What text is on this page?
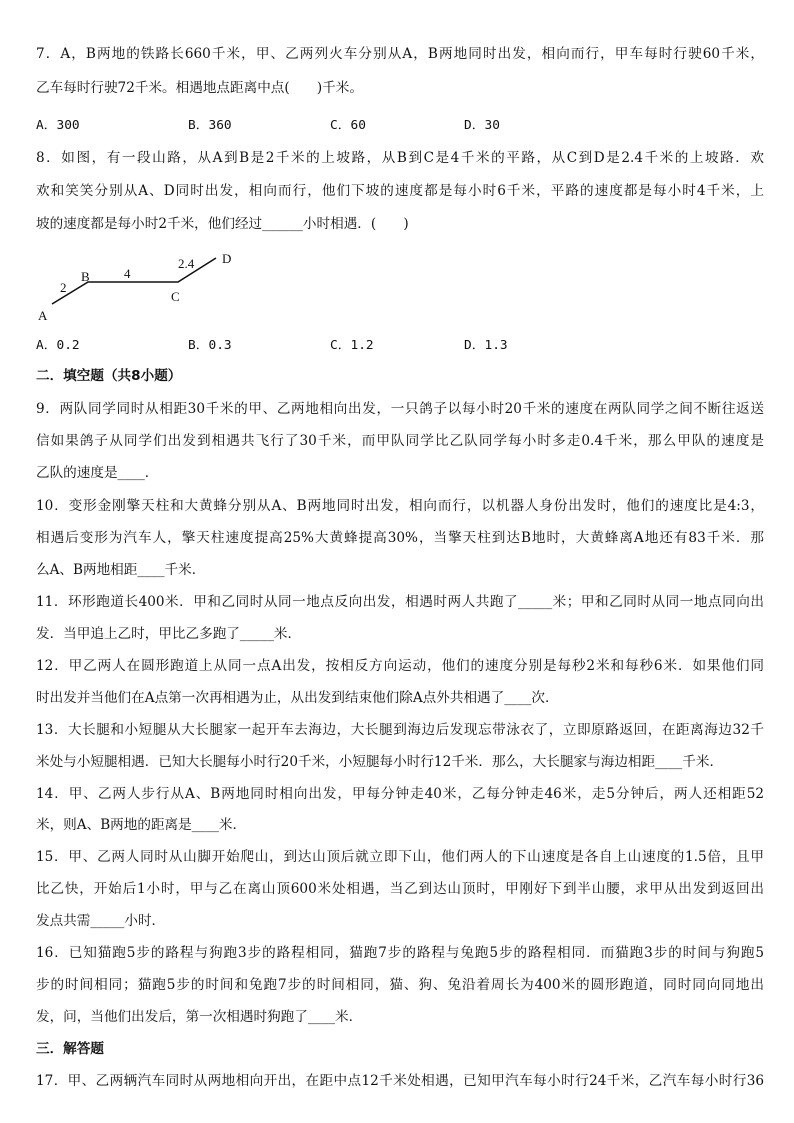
7．A，B两地的铁路长660千米，甲、乙两列火车分别从A，B两地同时出发，相向而行，甲车每时行驶60千米，
乙车每时行驶72千米。相遇地点距离中点(　　)千米。
A．300	B．360	C．60	D．30
8．如图，有一段山路，从A到B是2千米的上坡路，从B到C是4千米的平路，从C到D是2.4千米的上坡路．欢
欢和笑笑分别从A、D同时出发，相向而行，他们下坡的速度都是每小时6千米，平路的速度都是每小时4千米，上
坡的速度都是每小时2千米，他们经过______小时相遇．(　　)
A
B
C
D
2
4
2.4
A．0.2	B．0.3	C．1.2	D．1.3
二．填空题（共8小题）
9．两队同学同时从相距30千米的甲、乙两地相向出发，一只鸽子以每小时20千米的速度在两队同学之间不断往返送
信如果鸽子从同学们出发到相遇共飞行了30千米，而甲队同学比乙队同学每小时多走0.4千米，那么甲队的速度是
乙队的速度是____．
10．变形金刚擎天柱和大黄蜂分别从A、B两地同时出发，相向而行，以机器人身份出发时，他们的速度比是4:3，
相遇后变形为汽车人，擎天柱速度提高25%大黄蜂提高30%，当擎天柱到达B地时，大黄蜂离A地还有83千米．那
么A、B两地相距____千米．
11．环形跑道长400米．甲和乙同时从同一地点反向出发，相遇时两人共跑了_____米；甲和乙同时从同一地点同向出
发．当甲追上乙时，甲比乙多跑了_____米．
12．甲乙两人在圆形跑道上从同一点A出发，按相反方向运动，他们的速度分别是每秒2米和每秒6米．如果他们同
时出发并当他们在A点第一次再相遇为止，从出发到结束他们除A点外共相遇了____次．
13．大长腿和小短腿从大长腿家一起开车去海边，大长腿到海边后发现忘带泳衣了，立即原路返回，在距离海边32千
米处与小短腿相遇．已知大长腿每小时行20千米，小短腿每小时行12千米．那么，大长腿家与海边相距____千米．
14．甲、乙两人步行从A、B两地同时相向出发，甲每分钟走40米，乙每分钟走46米，走5分钟后，两人还相距52
米，则A、B两地的距离是____米．
15．甲、乙两人同时从山脚开始爬山，到达山顶后就立即下山，他们两人的下山速度是各自上山速度的1.5倍，且甲
比乙快，开始后1小时，甲与乙在离山顶600米处相遇，当乙到达山顶时，甲刚好下到半山腰，求甲从出发到返回出
发点共需_____小时．
16．已知猫跑5步的路程与狗跑3步的路程相同，猫跑7步的路程与兔跑5步的路程相同．而猫跑3步的时间与狗跑5
步的时间相同；猫跑5步的时间和兔跑7步的时间相同，猫、狗、兔沿着周长为400米的圆形跑道，同时同向同地出
发，问，当他们出发后，第一次相遇时狗跑了____米．
三．解答题
17．甲、乙两辆汽车同时从两地相向开出，在距中点12千米处相遇，已知甲汽车每小时行24千米，乙汽车每小时行36
